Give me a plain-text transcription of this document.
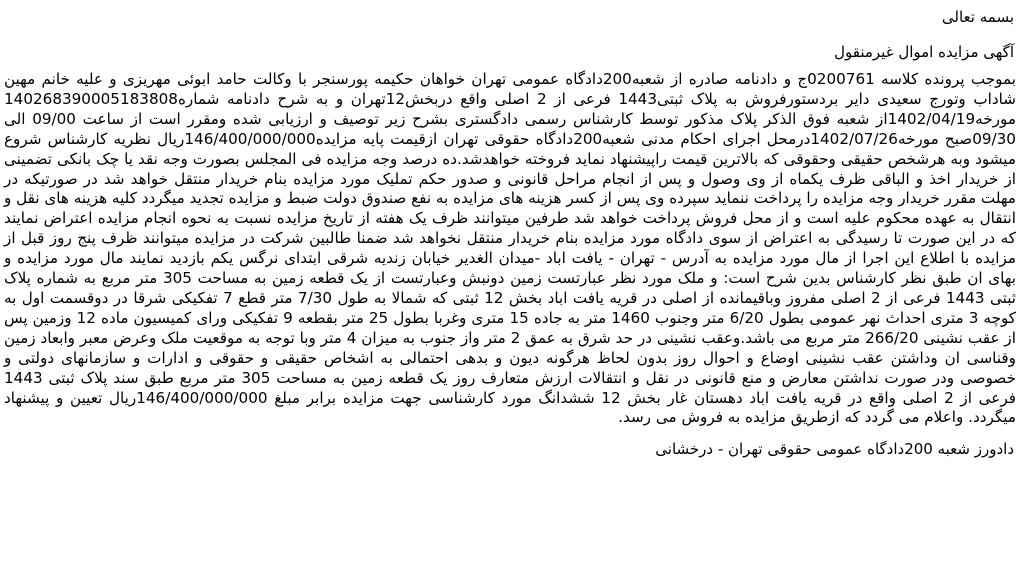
بسمه تعالی
آگهی مزایده اموال غیرمنقول

بموجب پرونده کلاسه 0200761ج و دادنامه صادره از شعبه200دادگاه عمومی تهران خواهان حکیمه پورسنجر با وکالت حامد ابوئی مهریزی و علیه خانم مهین شاداب وتورج سعیدی دایر بردستورفروش به پلاک ثبتی1443 فرعی از 2 اصلی واقع دربخش12تهران و به شرح دادنامه شماره140268390005183808 مورخه1402/04/19از شعبه فوق الذکر پلاک مذکور توسط کارشناس رسمی دادگستری بشرح زیر توصیف و ارزیابی شده ومقرر است از ساعت 09/00 الی 09/30صبح مورخه1402/07/26درمحل اجرای احکام مدنی شعبه200دادگاه حقوقی تهران ازقیمت پایه مزایده146/400/000/000ریال نظریه کارشناس شروع میشود وبه هرشخص حقیقی وحقوقی که بالاترین قیمت راپیشنهاد نماید فروخته خواهدشد.ده درصد وجه مزایده فی المجلس بصورت وجه نقد یا چک بانکی تضمینی از خریدار اخذ و الباقی ظرف یکماه از وی وصول و پس از انجام مراحل قانونی و صدور حکم تملیک مورد مزایده بنام خریدار منتقل خواهد شد در صورتیکه در مهلت مقرر خریدار وجه مزایده را پرداخت ننماید سپرده وی پس از کسر هزینه های مزایده به نفع صندوق دولت ضبط و مزایده تجدید میگردد کلیه هزینه های نقل و انتقال به عهده محکوم علیه است و از محل فروش پرداخت خواهد شد طرفین میتوانند ظرف یک هفته از تاریخ مزایده نسبت به نحوه انجام مزایده اعتراض نمایند که در این صورت تا رسیدگی به اعتراض از سوی دادگاه مورد مزایده بنام خریدار منتقل نخواهد شد ضمنا طالبین شرکت در مزایده میتوانند ظرف پنج روز قبل از مزایده با اطلاع این اجرا از مال مورد مزایده به آدرس - تهران - یافت اباد -میدان الغدیر خیابان زندیه شرقی ابتدای نرگس یکم بازدید نمایند مال مورد مزایده و بهای ان طبق نظر کارشناس بدین شرح است: و ملک مورد نظر عبارتست زمین دونبش وعبارتست از یک قطعه زمین به مساحت 305 متر مربع به شماره پلاک ثبتی 1443 فرعی از 2 اصلی مفروز وباقیمانده از اصلی در قریه یافت اباد بخش 12 ثبتی که شمالا به طول 7/30 متر قطع 7 تفکیکی شرقا در دوقسمت اول به کوچه 3 متری احداث نهر عمومی بطول 6/20 متر وجنوب 1460 متر به جاده 15 متری وغربا بطول 25 متر بقطعه 9 تفکیکی ورای کمیسیون ماده 12 وزمین پس از عقب نشینی 266/20 متر مربع می باشد.وعقب نشینی در حد شرق به عمق 2 متر واز جنوب به میزان 4 متر وبا توجه به موقعیت ملک وعرض معبر وابعاد زمین وقناسی ان وداشتن عقب نشینی اوضاع و احوال روز بدون لحاظ هرگونه دیون و بدهی احتمالی به اشخاص حقیقی و حقوقی و ادارات و سازمانهای دولتی و خصوصی ودر صورت نداشتن معارض و منع قانونی در نقل و انتقالات ارزش متعارف روز یک قطعه زمین به مساحت 305 متر مربع طبق سند پلاک ثبتی 1443 فرعی از 2 اصلی واقع در قریه یافت اباد دهستان غار بخش 12 ششدانگ مورد کارشناسی جهت مزایده برابر مبلغ 146/400/000/000ریال تعیین و پیشنهاد میگردد. واعلام می گردد که ازطریق مزایده به فروش می رسد.

دادورز شعبه 200دادگاه عمومی حقوقی تهران - درخشانی
